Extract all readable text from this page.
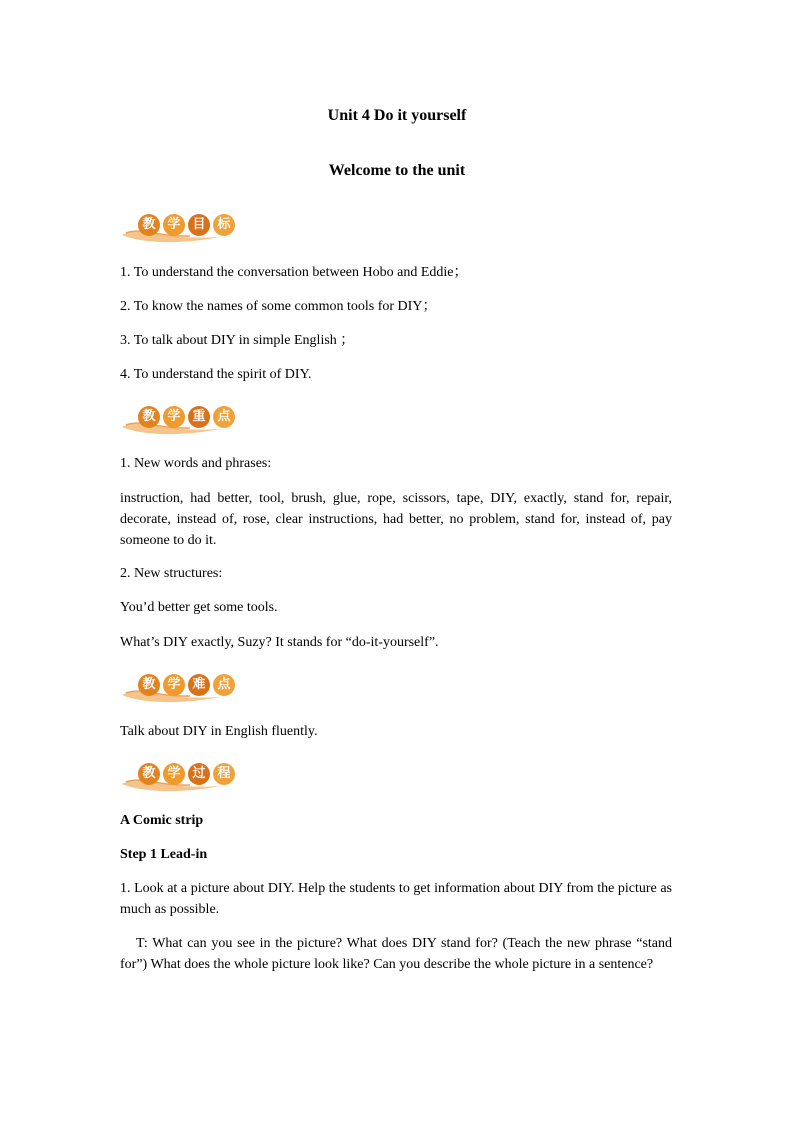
Unit 4 Do it yourself
Welcome to the unit
教 学 目 标
1. To understand the conversation between Hobo and Eddie；
2. To know the names of some common tools for DIY；
3. To talk about DIY in simple English ；
4. To understand the spirit of DIY.
教 学 重 点
1. New words and phrases:
instruction, had better, tool, brush, glue, rope, scissors, tape, DIY, exactly, stand for, repair, decorate, instead of, rose, clear instructions, had better, no problem, stand for, instead of, pay someone to do it.
2. New structures:
You’d better get some tools.
What’s DIY exactly, Suzy? It stands for “do-it-yourself”.
教 学 难 点
Talk about DIY in English fluently.
教 学 过 程
A Comic strip
Step 1 Lead-in
1. Look at a picture about DIY. Help the students to get information about DIY from the picture as much as possible.
T: What can you see in the picture? What does DIY stand for? (Teach the new phrase “stand for”) What does the whole picture look like? Can you describe the whole picture in a sentence?
